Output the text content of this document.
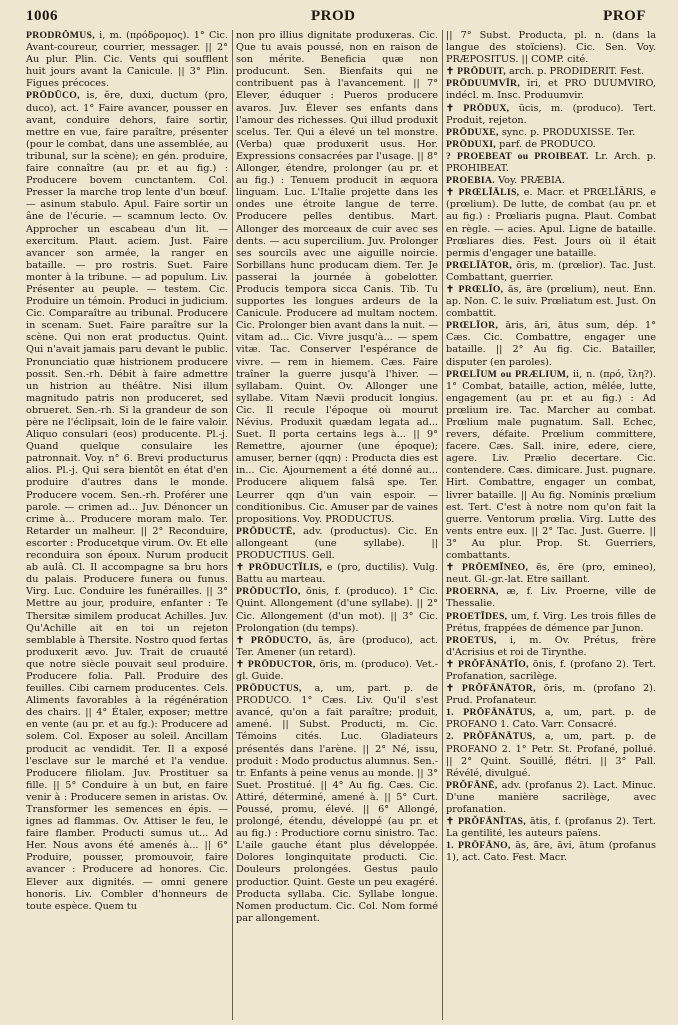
1006	PROD	PROF

PRODRŎMUS, i, m. (πρόδρομος). 1° Cic. Avant-coureur, courrier, messager. || 2° Au plur. Plin. Cic. Vents qui soufflent huit jours avant la Canicule. || 3° Plin. Figues précoces.

PRŌDŬCO, is, ĕre, duxi, ductum (pro, duco), act. 1° Faire avancer, pousser en avant, conduire dehors, faire sortir, mettre en vue, faire paraître, présenter (pour le combat, dans une assemblée, au tribunal, sur la scène); en gén. produire, faire connaître (au pr. et au fig.) : Producere bovem cunctantem. Col. Presser la marche trop lente d'un bœuf. — asinum stabulo. Apul. Faire sortir un âne de l'écurie. — scamnum lecto. Ov. Approcher un escabeau d'un lit. — exercitum. Plaut. aciem. Just. Faire avancer son armée, la ranger en bataille. — pro rostris. Suet. Faire monter à la tribune. — ad populum. Liv. Présenter au peuple. — testem. Cic. Produire un témoin. Produci in judicium. Cic. Comparaître au tribunal. Producere in scenam. Suet. Faire paraître sur la scène. Qui non erat productus. Quint. Qui n'avait jamais paru devant le public. Pronunciatio quæ histrionem producere possit. Sen.-rh. Débit à faire admettre un histrion au théâtre. Nisi illum magnitudo patris non produceret, sed obrueret. Sen.-rh. Si la grandeur de son père ne l'éclipsait, loin de le faire valoir. Aliquo consulari (eos) producente. Pl.-j. Quand quelque consulaire les patronnait. Voy. n° 6. Brevi producturus alios. Pl.-j. Qui sera bientôt en état d'en produire d'autres dans le monde. Producere vocem. Sen.-rh. Proférer une parole. — crimen ad... Juv. Dénoncer un crime à... Producere moram malo. Ter. Retarder un malheur. || 2° Reconduire, escorter : Producetque virum. Ov. Et elle reconduira son époux. Nurum producit ab aulâ. Cl. Il accompagne sa bru hors du palais. Producere funera ou funus. Virg. Luc. Conduire les funérailles. || 3° Mettre au jour, produire, enfanter : Te Thersitæ similem producat Achilles. Juv. Qu'Achille ait en toi un rejeton semblable à Thersite. Nostro quod fertas produxerit ævo. Juv. Trait de cruauté que notre siècle pouvait seul produire. Producere folia. Pall. Produire des feuilles. Cibi carnem producentes. Cels. Aliments favorables à la régénération des chairs. || 4° Étaler, exposer; mettre en vente (au pr. et au fg.): Producere ad solem. Col. Exposer au soleil. Ancillam producit ac vendidit. Ter. Il a exposé l'esclave sur le marché et l'a vendue. Producere filiolam. Juv. Prostituer sa fille. || 5° Conduire à un but, en faire venir à : Producere semen in aristas. Ov. Transformer les semences en épis. — ignes ad flammas. Ov. Attiser le feu, le faire flamber. Producti sumus ut... Ad Her. Nous avons été amenés à... || 6° Produire, pousser, promouvoir, faire avancer : Producere ad honores. Cic. Elever aux dignités. — omni genere honoris. Liv. Combler d'honneurs de toute espèce. Quem tu

non pro illius dignitate produxeras. Cic. Que tu avais poussé, non en raison de son mérite. Beneficia quæ non producunt. Sen. Bienfaits qui ne contribuent pas à l'avancement. || 7° Elever, éduquer : Pueros producere avaros. Juv. Élever ses enfants dans l'amour des richesses. Qui illud produxit scelus. Ter. Qui a élevé un tel monstre. (Verba) quæ produxerit usus. Hor. Expressions consacrées par l'usage. || 8° Allonger, étendre, prolonger (au pr. et au fig.) : Tenuem producit in æquora linguam. Luc. L'Italie projette dans les ondes une étroite langue de terre. Producere pelles dentibus. Mart. Allonger des morceaux de cuir avec ses dents. — acu supercilium. Juv. Prolonger ses sourcils avec une aiguille noircie. Sorbillans hunc producam diem. Ter. Je passerai la journée à gobelotter. Producis tempora sicca Canis. Tib. Tu supportes les longues ardeurs de la Canicule. Producere ad multam noctem. Cic. Prolonger bien avant dans la nuit. — vitam ad... Cic. Vivre jusqu'à... — spem vitæ. Tac. Conserver l'espérance de vivre. — rem in hiemem. Cæs. Faire traîner la guerre jusqu'à l'hiver. — syllabam. Quint. Ov. Allonger une syllabe. Vitam Nævii producit longius. Cic. Il recule l'époque où mourut Névius. Produxit quædam legata ad... Suet. Il porta certains legs à... || 9° Remettre, ajourner (une époque); amuser, berner (qqn) : Producta dies est in... Cic. Ajournement a été donné au... Producere aliquem falsâ spe. Ter. Leurrer qqn d'un vain espoir. — conditionibus. Cic. Amuser par de vaines propositions. Voy. PRODUCTUS.

PRŌDUCTĒ, adv. (productus). Cic. En allongeant (une syllabe). || PRODUCTIUS. Gell.

✝ PRŌDUCTĬLIS, e (pro, ductilis). Vulg. Battu au marteau.

PRŌDUCTĬO, ōnis, f. (produco). 1° Cic. Quint. Allongement (d'une syllabe). || 2° Cic. Allongement (d'un mot). || 3° Cic. Prolongation (du temps).

✝ PRŌDUCTO, ās, āre (produco), act. Ter. Amener (un retard).

✝ PRŌDUCTOR, ōris, m. (produco). Vet.-gl. Guide.

PRŌDUCTUS, a, um, part. p. de PRODUCO. 1° Cæs. Liv. Qu'il s'est avancé, qu'on a fait paraître; produit, amené. || Subst. Producti, m. Cic. Témoins cités. Luc. Gladiateurs présentés dans l'arène. || 2° Né, issu, produit : Modo productus alumnus. Sen.-tr. Enfants à peine venus au monde. || 3° Suet. Prostitué. || 4° Au fig. Cæs. Cic. Attiré, déterminé, amené à. || 5° Curt. Poussé, promu, élevé. || 6° Allongé, prolongé, étendu, développé (au pr. et au fig.) : Productiore cornu sinistro. Tac. L'aile gauche étant plus développée. Dolores longinquitate producti. Cic. Douleurs prolongées. Gestus paulo productior. Quint. Geste un peu exagéré. Producta syllaba. Cic. Syllabe longue. Nomen productum. Cic. Col. Nom formé par allongement.

|| 7° Subst. Producta, pl. n. (dans la langue des stoïciens). Cic. Sen. Voy. PRÆPOSITUS. || COMP. cité.

✝ PRŌDUIT, arch. p. PRODIDERIT. Fest.

PRŌDUUMVĬR, ĭri, et PRO DUUMVIRO, indécl. m. Insc. Produumvir.

✝ PRŌDUX, ūcis, m. (produco). Tert. Produit, rejeton.

PRŌDUXE, sync. p. PRODUXISSE. Ter.

PRŌDUXI, parf. de PRODUCO.

? PROEBEAT ou PROIBEAT. Lr. Arch. p. PROHIBEAT.

PROEBIA. Voy. PRÆBIA.

✝ PRŒLĬĀLIS, e. Macr. et PRŒLĬĀRIS, e (prœlium). De lutte, de combat (au pr. et au fig.) : Prœliaris pugna. Plaut. Combat en règle. — acies. Apul. Ligne de bataille. Prœliares dies. Fest. Jours où il était permis d'engager une bataille.

PRŒLĬĀTOR, ōris, m. (prœlior). Tac. Just. Combattant, guerrier.

✝ PRŒLĬO, ās, āre (prœlium), neut. Enn. ap. Non. C. le suiv. Prœliatum est. Just. On combattit.

PRŒLĬOR, āris, āri, ātus sum, dép. 1° Cæs. Cic. Combattre, engager une bataille. || 2° Au fig. Cic. Batailler, disputer (en paroles).

PRŒLĬUM ou PRÆLIUM, ii, n. (πρό, ἴλη?). 1° Combat, bataille, action, mêlée, lutte, engagement (au pr. et au fig.) : Ad prœlium ire. Tac. Marcher au combat. Prœlium male pugnatum. Sall. Echec, revers, défaite. Prœlium committere, facere. Cæs. Sall. inire, edere, ciere, agere. Liv. Prælio decertare. Cic. contendere. Cæs. dimicare. Just. pugnare. Hirt. Combattre, engager un combat, livrer bataille. || Au fig. Nominis prœlium est. Tert. C'est à notre nom qu'on fait la guerre. Ventorum prœlia. Virg. Lutte des vents entre eux. || 2° Tac. Just. Guerre. || 3° Au plur. Prop. St. Guerriers, combattants.

✝ PRŌEMĬNEO, ēs, ēre (pro, emineo), neut. Gl.-gr.-lat. Etre saillant.

PROERNA, æ, f. Liv. Proerne, ville de Thessalie.

PROETĬDES, um, f. Virg. Les trois filles de Prétus, frappées de démence par Junon.

PROETUS, i, m. Ov. Prétus, frère d'Acrisius et roi de Tirynthe.

✝ PRŎFĀNĀTĬO, ōnis, f. (profano 2). Tert. Profanation, sacrilège.

✝ PRŎFĀNĀTOR, ōris, m. (profano 2). Prud. Profanateur.

1. PRŌFĀNĀTUS, a, um, part. p. de PROFANO 1. Cato. Varr. Consacré.

2. PRŎFĀNĀTUS, a, um, part. p. de PROFANO 2. 1° Petr. St. Profané, pollué. || 2° Quint. Souillé, flétri. || 3° Pall. Révélé, divulgué.

PRŎFĀNĒ, adv. (profanus 2). Lact. Minuc. D'une manière sacrilège, avec profanation.

✝ PRŎFĀNĬTAS, ātis, f. (profanus 2). Tert. La gentilité, les auteurs païens.

1. PRŌFĀNO, ās, āre, āvi, ātum (profanus 1), act. Cato. Fest. Macr.
